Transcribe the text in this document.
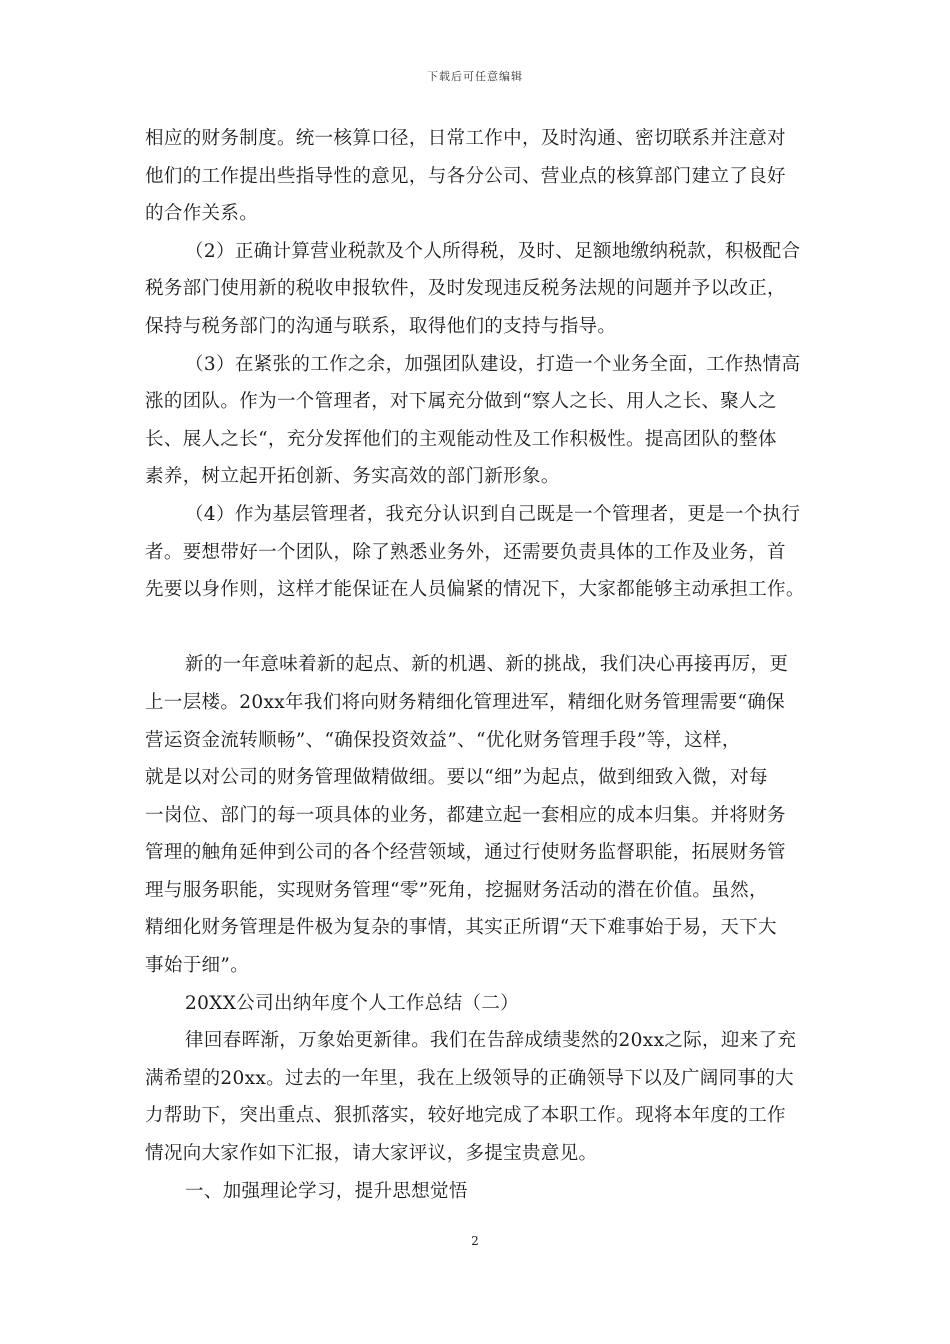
下载后可任意编辑
相应的财务制度。统一核算口径，日常工作中，及时沟通、密切联系并注意对
他们的工作提出些指导性的意见，与各分公司、营业点的核算部门建立了良好
的合作关系。
（2）正确计算营业税款及个人所得税，及时、足额地缴纳税款，积极配合
税务部门使用新的税收申报软件，及时发现违反税务法规的问题并予以改正，
保持与税务部门的沟通与联系，取得他们的支持与指导。
（3）在紧张的工作之余，加强团队建设，打造一个业务全面，工作热情高
涨的团队。作为一个管理者，对下属充分做到“察人之长、用人之长、聚人之
长、展人之长“，充分发挥他们的主观能动性及工作积极性。提高团队的整体
素养，树立起开拓创新、务实高效的部门新形象。
（4）作为基层管理者，我充分认识到自己既是一个管理者，更是一个执行
者。要想带好一个团队，除了熟悉业务外，还需要负责具体的工作及业务，首
先要以身作则，这样才能保证在人员偏紧的情况下，大家都能够主动承担工作。
新的一年意味着新的起点、新的机遇、新的挑战，我们决心再接再厉，更
上一层楼。20xx年我们将向财务精细化管理进军，精细化财务管理需要“确保
营运资金流转顺畅”、“确保投资效益”、“优化财务管理手段”等，这样，
就是以对公司的财务管理做精做细。要以“细”为起点，做到细致入微，对每
一岗位、部门的每一项具体的业务，都建立起一套相应的成本归集。并将财务
管理的触角延伸到公司的各个经营领域，通过行使财务监督职能，拓展财务管
理与服务职能，实现财务管理“零”死角，挖掘财务活动的潜在价值。虽然，
精细化财务管理是件极为复杂的事情，其实正所谓“天下难事始于易，天下大
事始于细”。
20XX公司出纳年度个人工作总结（二）
律回春晖渐，万象始更新律。我们在告辞成绩斐然的20xx之际，迎来了充
满希望的20xx。过去的一年里，我在上级领导的正确领导下以及广阔同事的大
力帮助下，突出重点、狠抓落实，较好地完成了本职工作。现将本年度的工作
情况向大家作如下汇报，请大家评议，多提宝贵意见。
一、加强理论学习，提升思想觉悟
2
